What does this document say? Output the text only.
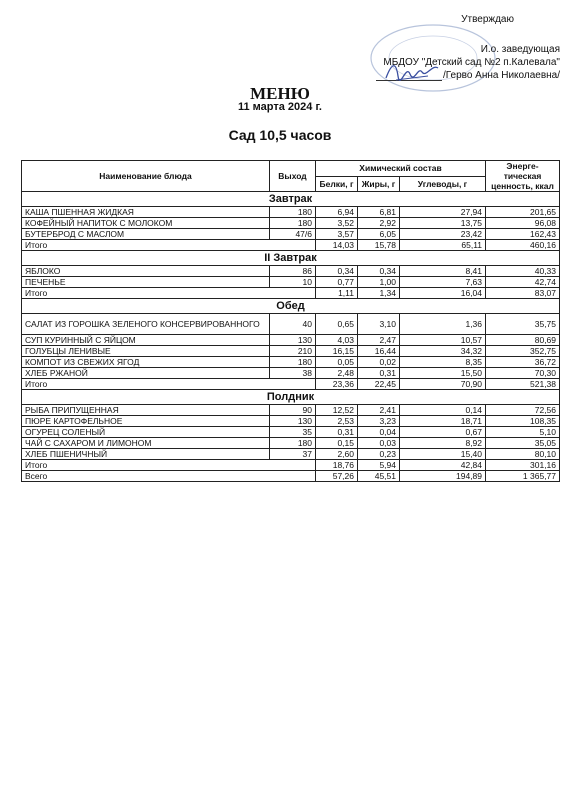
Утверждаю
И.о. заведующая
МБДОУ "Детский сад №2 п.Калевала"
/Герво Анна Николаевна/
МЕНЮ
11 марта 2024 г.
Сад 10,5 часов
Наименование блюда	Выход	Химический состав			Энерге-тическая ценность, ккал
		Белки, г	Жиры, г	Углеводы, г	
Завтрак					
КАША ПШЕННАЯ ЖИДКАЯ	180	6,94	6,81	27,94	201,65
КОФЕЙНЫЙ НАПИТОК С МОЛОКОМ	180	3,52	2,92	13,75	96,08
БУТЕРБРОД С МАСЛОМ	47/6	3,57	6,05	23,42	162,43
Итого		14,03	15,78	65,11	460,16
II Завтрак					
ЯБЛОКО	86	0,34	0,34	8,41	40,33
ПЕЧЕНЬЕ	10	0,77	1,00	7,63	42,74
Итого		1,11	1,34	16,04	83,07
Обед					
САЛАТ ИЗ ГОРОШКА ЗЕЛЕНОГО КОНСЕРВИРОВАННОГО	40	0,65	3,10	1,36	35,75
СУП КУРИННЫЙ С ЯЙЦОМ	130	4,03	2,47	10,57	80,69
ГОЛУБЦЫ ЛЕНИВЫЕ	210	16,15	16,44	34,32	352,75
КОМПОТ ИЗ СВЕЖИХ ЯГОД	180	0,05	0,02	8,35	36,72
ХЛЕБ РЖАНОЙ	38	2,48	0,31	15,50	70,30
Итого		23,36	22,45	70,90	521,38
Полдник					
РЫБА ПРИПУЩЕННАЯ	90	12,52	2,41	0,14	72,56
ПЮРЕ КАРТОФЕЛЬНОЕ	130	2,53	3,23	18,71	108,35
ОГУРЕЦ СОЛЕНЫЙ	35	0,31	0,04	0,67	5,10
ЧАЙ С САХАРОМ И ЛИМОНОМ	180	0,15	0,03	8,92	35,05
ХЛЕБ ПШЕНИЧНЫЙ	37	2,60	0,23	15,40	80,10
Итого		18,76	5,94	42,84	301,16
Всего		57,26	45,51	194,89	1 365,77
